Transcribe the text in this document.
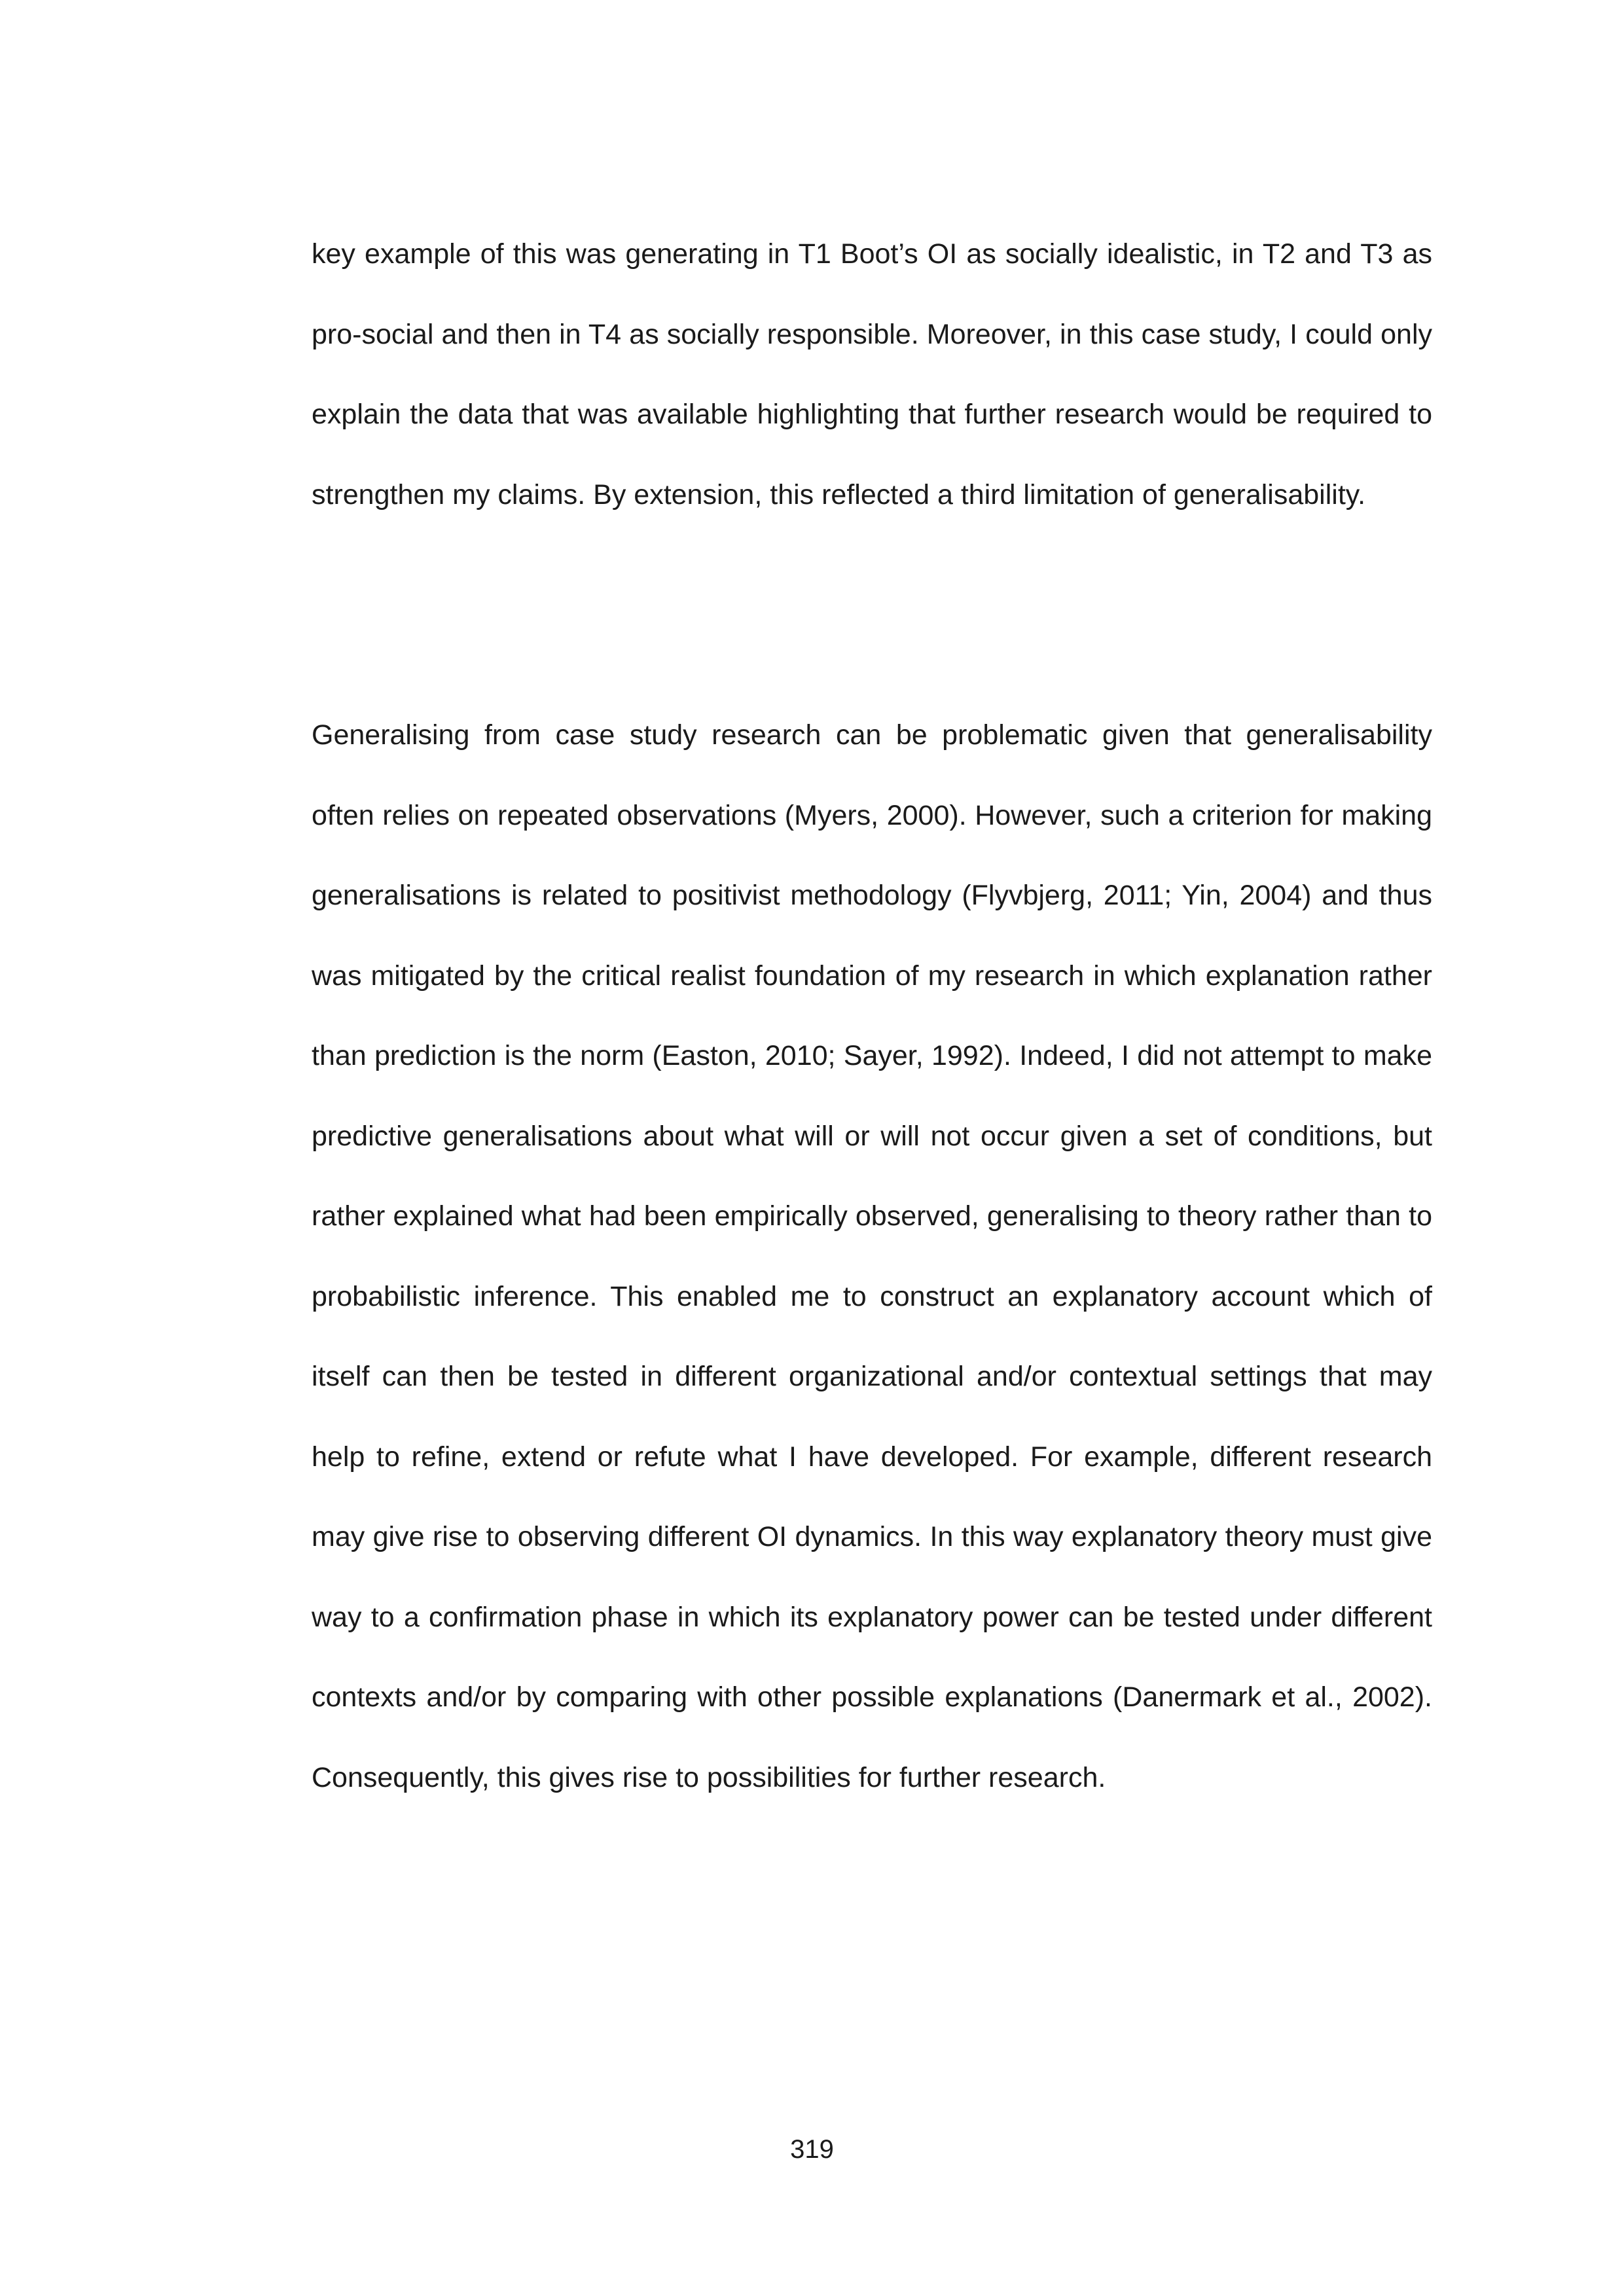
key example of this was generating in T1 Boot’s OI as socially idealistic, in T2 and T3 as pro-social and then in T4 as socially responsible. Moreover, in this case study, I could only explain the data that was available highlighting that further research would be required to strengthen my claims. By extension, this reflected a third limitation of generalisability.

Generalising from case study research can be problematic given that generalisability often relies on repeated observations (Myers, 2000). However, such a criterion for making generalisations is related to positivist methodology (Flyvbjerg, 2011; Yin, 2004) and thus was mitigated by the critical realist foundation of my research in which explanation rather than prediction is the norm (Easton, 2010; Sayer, 1992). Indeed, I did not attempt to make predictive generalisations about what will or will not occur given a set of conditions, but rather explained what had been empirically observed, generalising to theory rather than to probabilistic inference. This enabled me to construct an explanatory account which of itself can then be tested in different organizational and/or contextual settings that may help to refine, extend or refute what I have developed. For example, different research may give rise to observing different OI dynamics. In this way explanatory theory must give way to a confirmation phase in which its explanatory power can be tested under different contexts and/or by comparing with other possible explanations (Danermark et al., 2002). Consequently, this gives rise to possibilities for further research.

319
